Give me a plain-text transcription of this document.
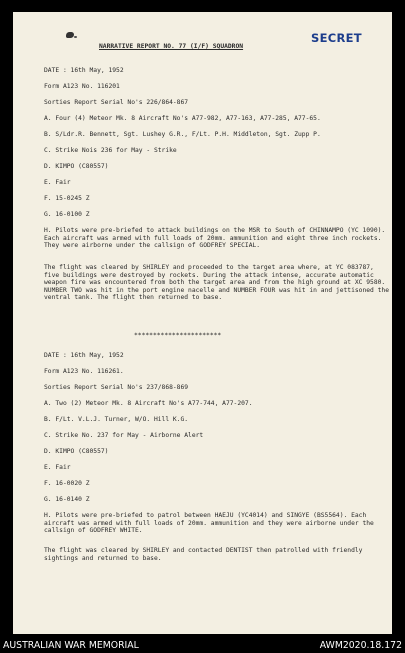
SECRET
NARRATIVE REPORT NO. 77 (I/F) SQUADRON
DATE : 16th May, 1952
Form A123 No. 116201
Sorties Report Serial No's 226/864-867
A. Four (4) Meteor Mk. 8 Aircraft No's A77-982, A77-163, A77-285, A77-65.
B. S/Ldr.R. Bennett, Sgt. Lushey G.R., F/Lt. P.H. Middleton, Sgt. Zupp P.
C. Strike Nois 236 for May - Strike
D. KIMPO (C80557)
E. Fair
F. 15-0245 Z
G. 16-0100 Z
H. Pilots were pre-briefed to attack buildings on the MSR to South of CHINNAMPO (YC 1090). Each aircraft was armed with full loads of 20mm. ammunition and eight three inch rockets. They were airborne under the callsign of GODFREY SPECIAL.
The flight was cleared by SHIRLEY and proceeded to the target area where, at YC 083787, five buildings were destroyed by rockets. During the attack intense, accurate automatic weapon fire was encountered from both the target area and from the high ground at XC 9580. NUMBER TWO was hit in the port engine nacelle and NUMBER FOUR was hit in and jettisoned the ventral tank. The flight then returned to base.
***********************
DATE : 16th May, 1952
Form A123 No. 116261.
Sorties Report Serial No's 237/868-869
A. Two (2) Meteor Mk. 8 Aircraft No's A77-744, A77-207.
B. F/Lt. V.L.J. Turner, W/O. Hill K.G.
C. Strike No. 237 for May - Airborne Alert
D. KIMPO (C80557)
E. Fair
F. 16-0020 Z
G. 16-0140 Z
H. Pilots were pre-briefed to patrol between HAEJU (YC4014) and SINGYE (BS5564). Each aircraft was armed with full loads of 20mm. ammunition and they were airborne under the callsign of GODFREY WHITE.
The flight was cleared by SHIRLEY and contacted DENTIST then patrolled with friendly sightings and returned to base.
AUSTRALIAN WAR MEMORIAL	AWM2020.18.172
